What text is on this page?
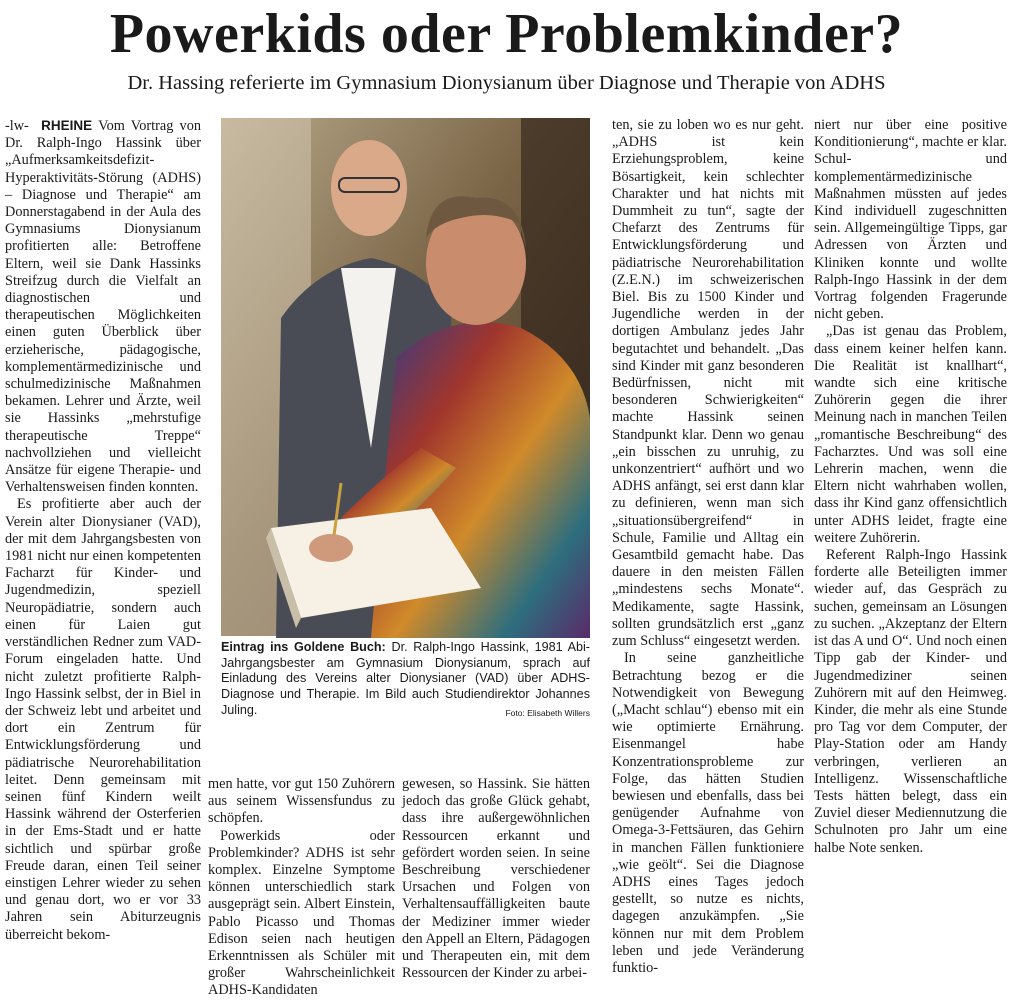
Powerkids oder Problemkinder?
Dr. Hassing referierte im Gymnasium Dionysianum über Diagnose und Therapie von ADHS

-lw- RHEINE Vom Vortrag von Dr. Ralph-Ingo Hassink über „Aufmerksamkeitsdefizit-Hyperaktivitäts-Störung (ADHS) – Diagnose und Therapie“ am Donnerstagabend in der Aula des Gymnasiums Dionysianum profitierten alle: Betroffene Eltern, weil sie Dank Hassinks Streifzug durch die Vielfalt an diagnostischen und therapeutischen Möglichkeiten einen guten Überblick über erzieherische, pädagogische, komplementärmedizinische und schulmedizinische Maßnahmen bekamen. Lehrer und Ärzte, weil sie Hassinks „mehrstufige therapeutische Treppe“ nachvollziehen und vielleicht Ansätze für eigene Therapie- und Verhaltensweisen finden konnten.

Es profitierte aber auch der Verein alter Dionysianer (VAD), der mit dem Jahrgangsbesten von 1981 nicht nur einen kompetenten Facharzt für Kinder- und Jugendmedizin, speziell Neuropädiatrie, sondern auch einen für Laien gut verständlichen Redner zum VAD-Forum eingeladen hatte. Und nicht zuletzt profitierte Ralph-Ingo Hassink selbst, der in Biel in der Schweiz lebt und arbeitet und dort ein Zentrum für Entwicklungsförderung und pädiatrische Neurorehabilitation leitet. Denn gemeinsam mit seinen fünf Kindern weilt Hassink während der Osterferien in der Ems-Stadt und er hatte sichtlich und spürbar große Freude daran, einen Teil seiner einstigen Lehrer wieder zu sehen und genau dort, wo er vor 33 Jahren sein Abiturzeugnis überreicht bekom-

Eintrag ins Goldene Buch: Dr. Ralph-Ingo Hassink, 1981 Abi-Jahrgangsbester am Gymnasium Dionysianum, sprach auf Einladung des Vereins alter Dionysianer (VAD) über ADHS-Diagnose und Therapie. Im Bild auch Studiendirektor Johannes Juling.	Foto: Elisabeth Willers

men hatte, vor gut 150 Zuhörern aus seinem Wissensfundus zu schöpfen.

Powerkids oder Problemkinder? ADHS ist sehr komplex. Einzelne Symptome können unterschiedlich stark ausgeprägt sein. Albert Einstein, Pablo Picasso und Thomas Edison seien nach heutigen Erkenntnissen als Schüler mit großer Wahrscheinlichkeit ADHS-Kandidaten

gewesen, so Hassink. Sie hätten jedoch das große Glück gehabt, dass ihre außergewöhnlichen Ressourcen erkannt und gefördert worden seien. In seine Beschreibung verschiedener Ursachen und Folgen von Verhaltensauffälligkeiten baute der Mediziner immer wieder den Appell an Eltern, Pädagogen und Therapeuten ein, mit dem Ressourcen der Kinder zu arbei-

ten, sie zu loben wo es nur geht. „ADHS ist kein Erziehungsproblem, keine Bösartigkeit, kein schlechter Charakter und hat nichts mit Dummheit zu tun“, sagte der Chefarzt des Zentrums für Entwicklungsförderung und pädiatrische Neurorehabilitation (Z.E.N.) im schweizerischen Biel. Bis zu 1500 Kinder und Jugendliche werden in der dortigen Ambulanz jedes Jahr begutachtet und behandelt. „Das sind Kinder mit ganz besonderen Bedürfnissen, nicht mit besonderen Schwierigkeiten“ machte Hassink seinen Standpunkt klar. Denn wo genau „ein bisschen zu unruhig, zu unkonzentriert“ aufhört und wo ADHS anfängt, sei erst dann klar zu definieren, wenn man sich „situationsübergreifend“ in Schule, Familie und Alltag ein Gesamtbild gemacht habe. Das dauere in den meisten Fällen „mindestens sechs Monate“. Medikamente, sagte Hassink, sollten grundsätzlich erst „ganz zum Schluss“ eingesetzt werden.

In seine ganzheitliche Betrachtung bezog er die Notwendigkeit von Bewegung („Macht schlau“) ebenso mit ein wie optimierte Ernährung. Eisenmangel habe Konzentrationsprobleme zur Folge, das hätten Studien bewiesen und ebenfalls, dass bei genügender Aufnahme von Omega-3-Fettsäuren, das Gehirn in manchen Fällen funktioniere „wie geölt“. Sei die Diagnose ADHS eines Tages jedoch gestellt, so nutze es nichts, dagegen anzukämpfen. „Sie können nur mit dem Problem leben und jede Veränderung funktio-

niert nur über eine positive Konditionierung“, machte er klar. Schul- und komplementärmedizinische Maßnahmen müssten auf jedes Kind individuell zugeschnitten sein. Allgemeingültige Tipps, gar Adressen von Ärzten und Kliniken konnte und wollte Ralph-Ingo Hassink in der dem Vortrag folgenden Fragerunde nicht geben.

„Das ist genau das Problem, dass einem keiner helfen kann. Die Realität ist knallhart“, wandte sich eine kritische Zuhörerin gegen die ihrer Meinung nach in manchen Teilen „romantische Beschreibung“ des Facharztes. Und was soll eine Lehrerin machen, wenn die Eltern nicht wahrhaben wollen, dass ihr Kind ganz offensichtlich unter ADHS leidet, fragte eine weitere Zuhörerin.

Referent Ralph-Ingo Hassink forderte alle Beteiligten immer wieder auf, das Gespräch zu suchen, gemeinsam an Lösungen zu suchen. „Akzeptanz der Eltern ist das A und O“. Und noch einen Tipp gab der Kinder- und Jugendmediziner seinen Zuhörern mit auf den Heimweg. Kinder, die mehr als eine Stunde pro Tag vor dem Computer, der Play-Station oder am Handy verbringen, verlieren an Intelligenz. Wissenschaftliche Tests hätten belegt, dass ein Zuviel dieser Mediennutzung die Schulnoten pro Jahr um eine halbe Note senken.
